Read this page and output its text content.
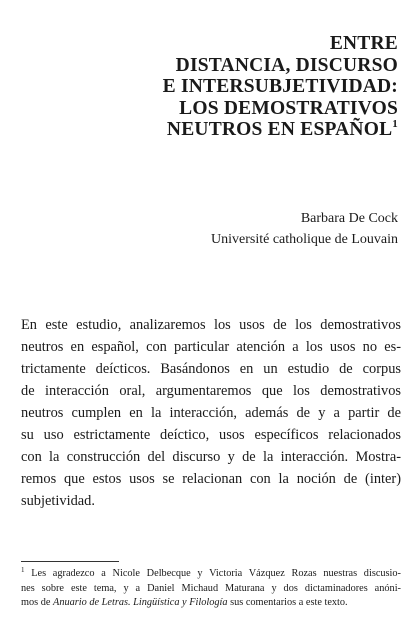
ENTRE
DISTANCIA, DISCURSO
E INTERSUBJETIVIDAD:
LOS DEMOSTRATIVOS
NEUTROS EN ESPAÑOL$^1$
Barbara De Cock
Université catholique de Louvain

En este estudio, analizaremos los usos de los demostrativos
neutros en español, con particular atención a los usos no es-
trictamente deícticos. Basándonos en un estudio de corpus
de interacción oral, argumentaremos que los demostrativos
neutros cumplen en la interacción, además de y a partir de
su uso estrictamente deíctico, usos específicos relacionados
con la construcción del discurso y de la interacción. Mostra-
remos que estos usos se relacionan con la noción de (inter)
subjetividad.

$^1$ Les agradezco a Nicole Delbecque y Victoria Vázquez Rozas nuestras discusio-
nes sobre este tema, y a Daniel Michaud Maturana y dos dictaminadores anóni-
mos de Anuario de Letras. Lingüística y Filología sus comentarios a este texto.
